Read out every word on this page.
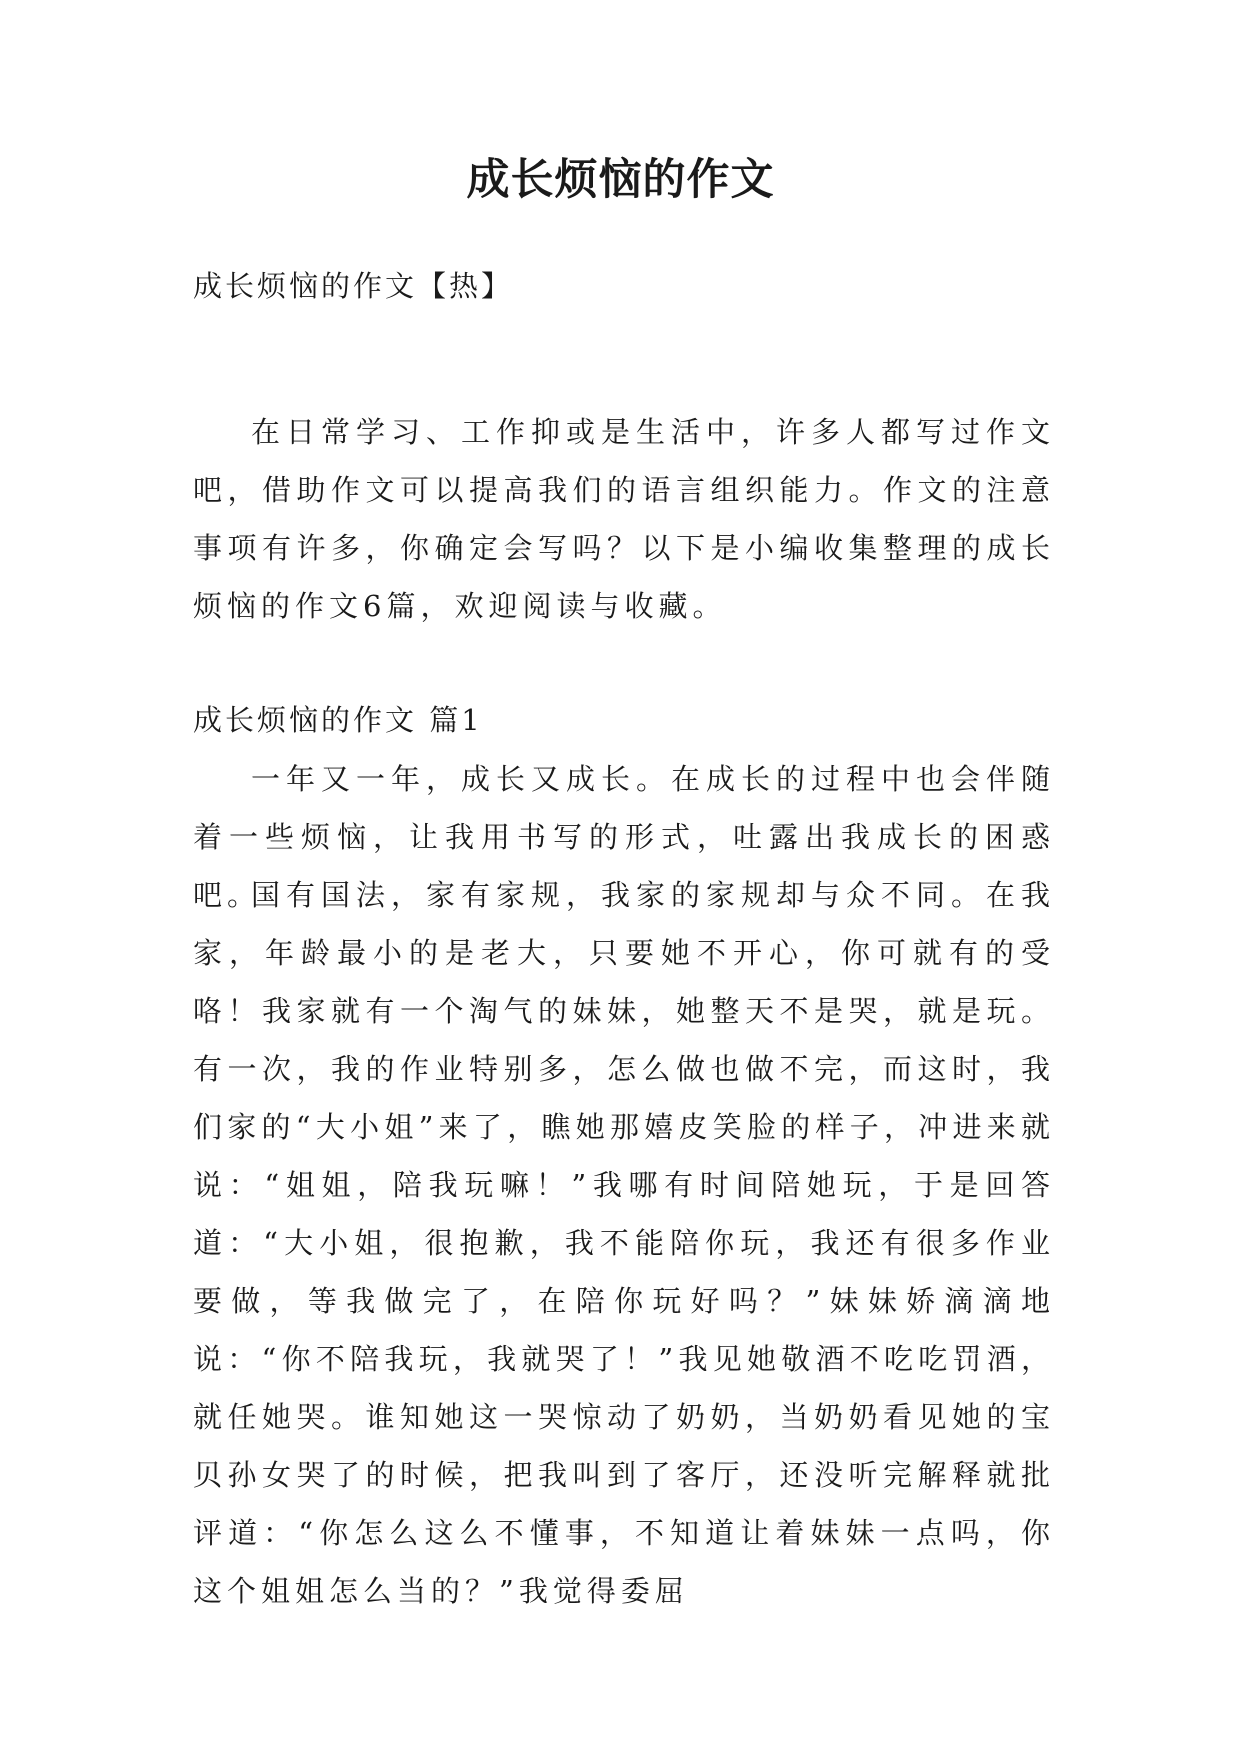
成长烦恼的作文
成长烦恼的作文【热】

在日常学习、工作抑或是生活中，许多人都写过作文吧，借助作文可以提高我们的语言组织能力。作文的注意事项有许多，你确定会写吗？以下是小编收集整理的成长烦恼的作文6篇，欢迎阅读与收藏。

成长烦恼的作文 篇1

一年又一年，成长又成长。在成长的过程中也会伴随着一些烦恼，让我用书写的形式，吐露出我成长的困惑吧。

国有国法，家有家规，我家的家规却与众不同。在我家，年龄最小的是老大，只要她不开心，你可就有的受咯！我家就有一个淘气的妹妹，她整天不是哭，就是玩。有一次，我的作业特别多，怎么做也做不完，而这时，我们家的“大小姐”来了，瞧她那嬉皮笑脸的样子，冲进来就说：“姐姐，陪我玩嘛！”我哪有时间陪她玩，于是回答道：“大小姐，很抱歉，我不能陪你玩，我还有很多作业要做，等我做完了，在陪你玩好吗？”妹妹娇滴滴地说：“你不陪我玩，我就哭了！”我见她敬酒不吃吃罚酒，就任她哭。谁知她这一哭惊动了奶奶，当奶奶看见她的宝贝孙女哭了的时候，把我叫到了客厅，还没听完解释就批评道：“你怎么这么不懂事，不知道让着妹妹一点吗，你这个姐姐怎么当的？”我觉得委屈
